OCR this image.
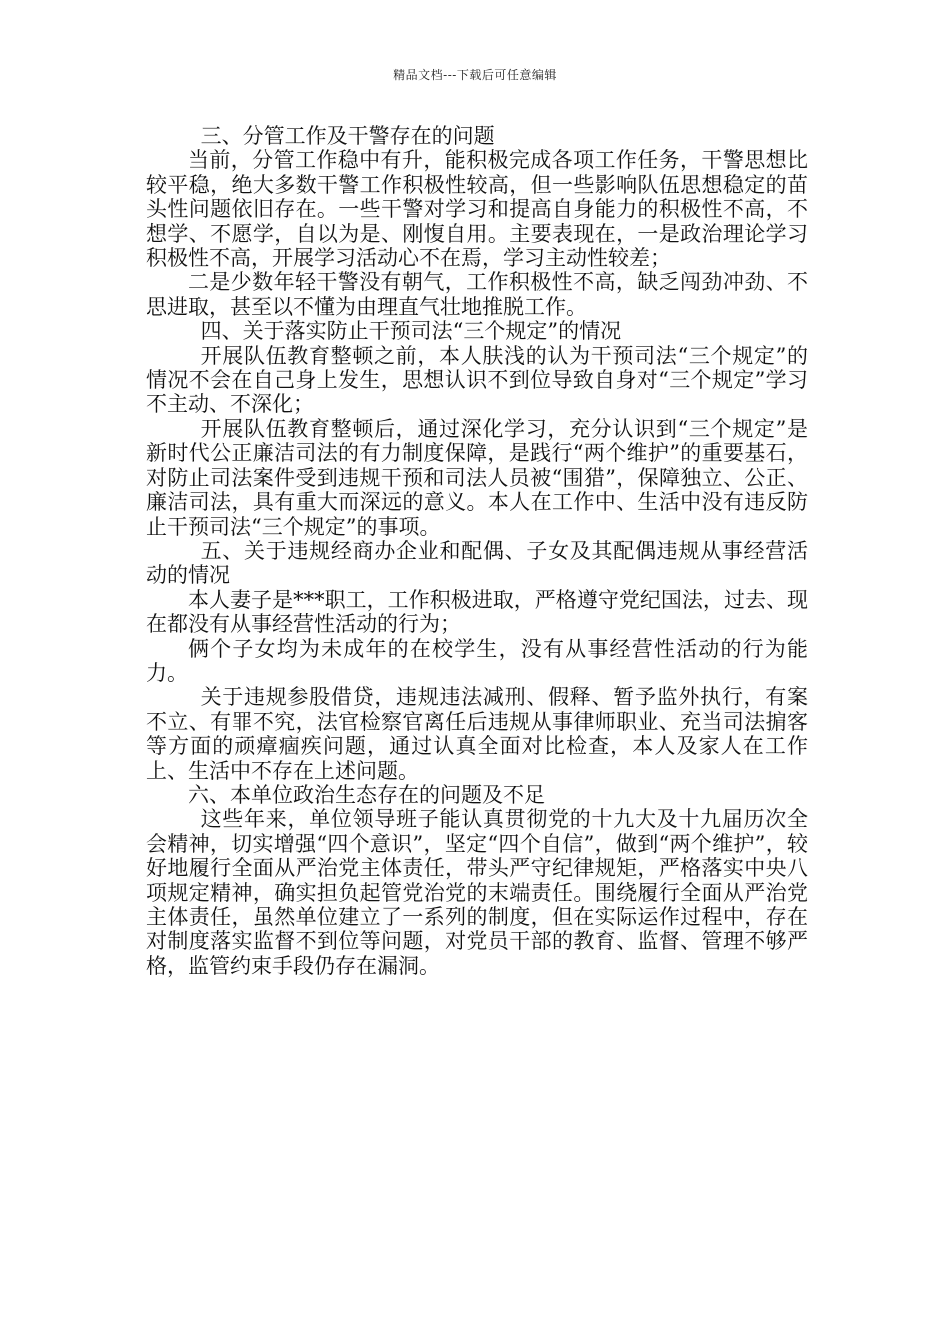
精品文档---下载后可任意编辑

三、分管工作及干警存在的问题

当前，分管工作稳中有升，能积极完成各项工作任务，干警思想比较平稳，绝大多数干警工作积极性较高，但一些影响队伍思想稳定的苗头性问题依旧存在。一些干警对学习和提高自身能力的积极性不高，不想学、不愿学，自以为是、刚愎自用。主要表现在，一是政治理论学习积极性不高，开展学习活动心不在焉，学习主动性较差；

二是少数年轻干警没有朝气，工作积极性不高，缺乏闯劲冲劲、不思进取，甚至以不懂为由理直气壮地推脱工作。

四、关于落实防止干预司法“三个规定”的情况

开展队伍教育整顿之前，本人肤浅的认为干预司法“三个规定”的情况不会在自己身上发生，思想认识不到位导致自身对“三个规定”学习不主动、不深化；

开展队伍教育整顿后，通过深化学习，充分认识到“三个规定”是新时代公正廉洁司法的有力制度保障，是践行“两个维护”的重要基石，对防止司法案件受到违规干预和司法人员被“围猎”，保障独立、公正、廉洁司法，具有重大而深远的意义。本人在工作中、生活中没有违反防止干预司法“三个规定”的事项。

五、关于违规经商办企业和配偶、子女及其配偶违规从事经营活动的情况

本人妻子是***职工，工作积极进取，严格遵守党纪国法，过去、现在都没有从事经营性活动的行为；

俩个子女均为未成年的在校学生，没有从事经营性活动的行为能力。

关于违规参股借贷，违规违法减刑、假释、暂予监外执行，有案不立、有罪不究，法官检察官离任后违规从事律师职业、充当司法掮客等方面的顽瘴痼疾问题，通过认真全面对比检查，本人及家人在工作上、生活中不存在上述问题。

六、本单位政治生态存在的问题及不足

这些年来，单位领导班子能认真贯彻党的十九大及十九届历次全会精神，切实增强“四个意识”，坚定“四个自信”，做到“两个维护”，较好地履行全面从严治党主体责任，带头严守纪律规矩，严格落实中央八项规定精神，确实担负起管党治党的末端责任。围绕履行全面从严治党主体责任，虽然单位建立了一系列的制度，但在实际运作过程中，存在对制度落实监督不到位等问题，对党员干部的教育、监督、管理不够严格，监管约束手段仍存在漏洞。
